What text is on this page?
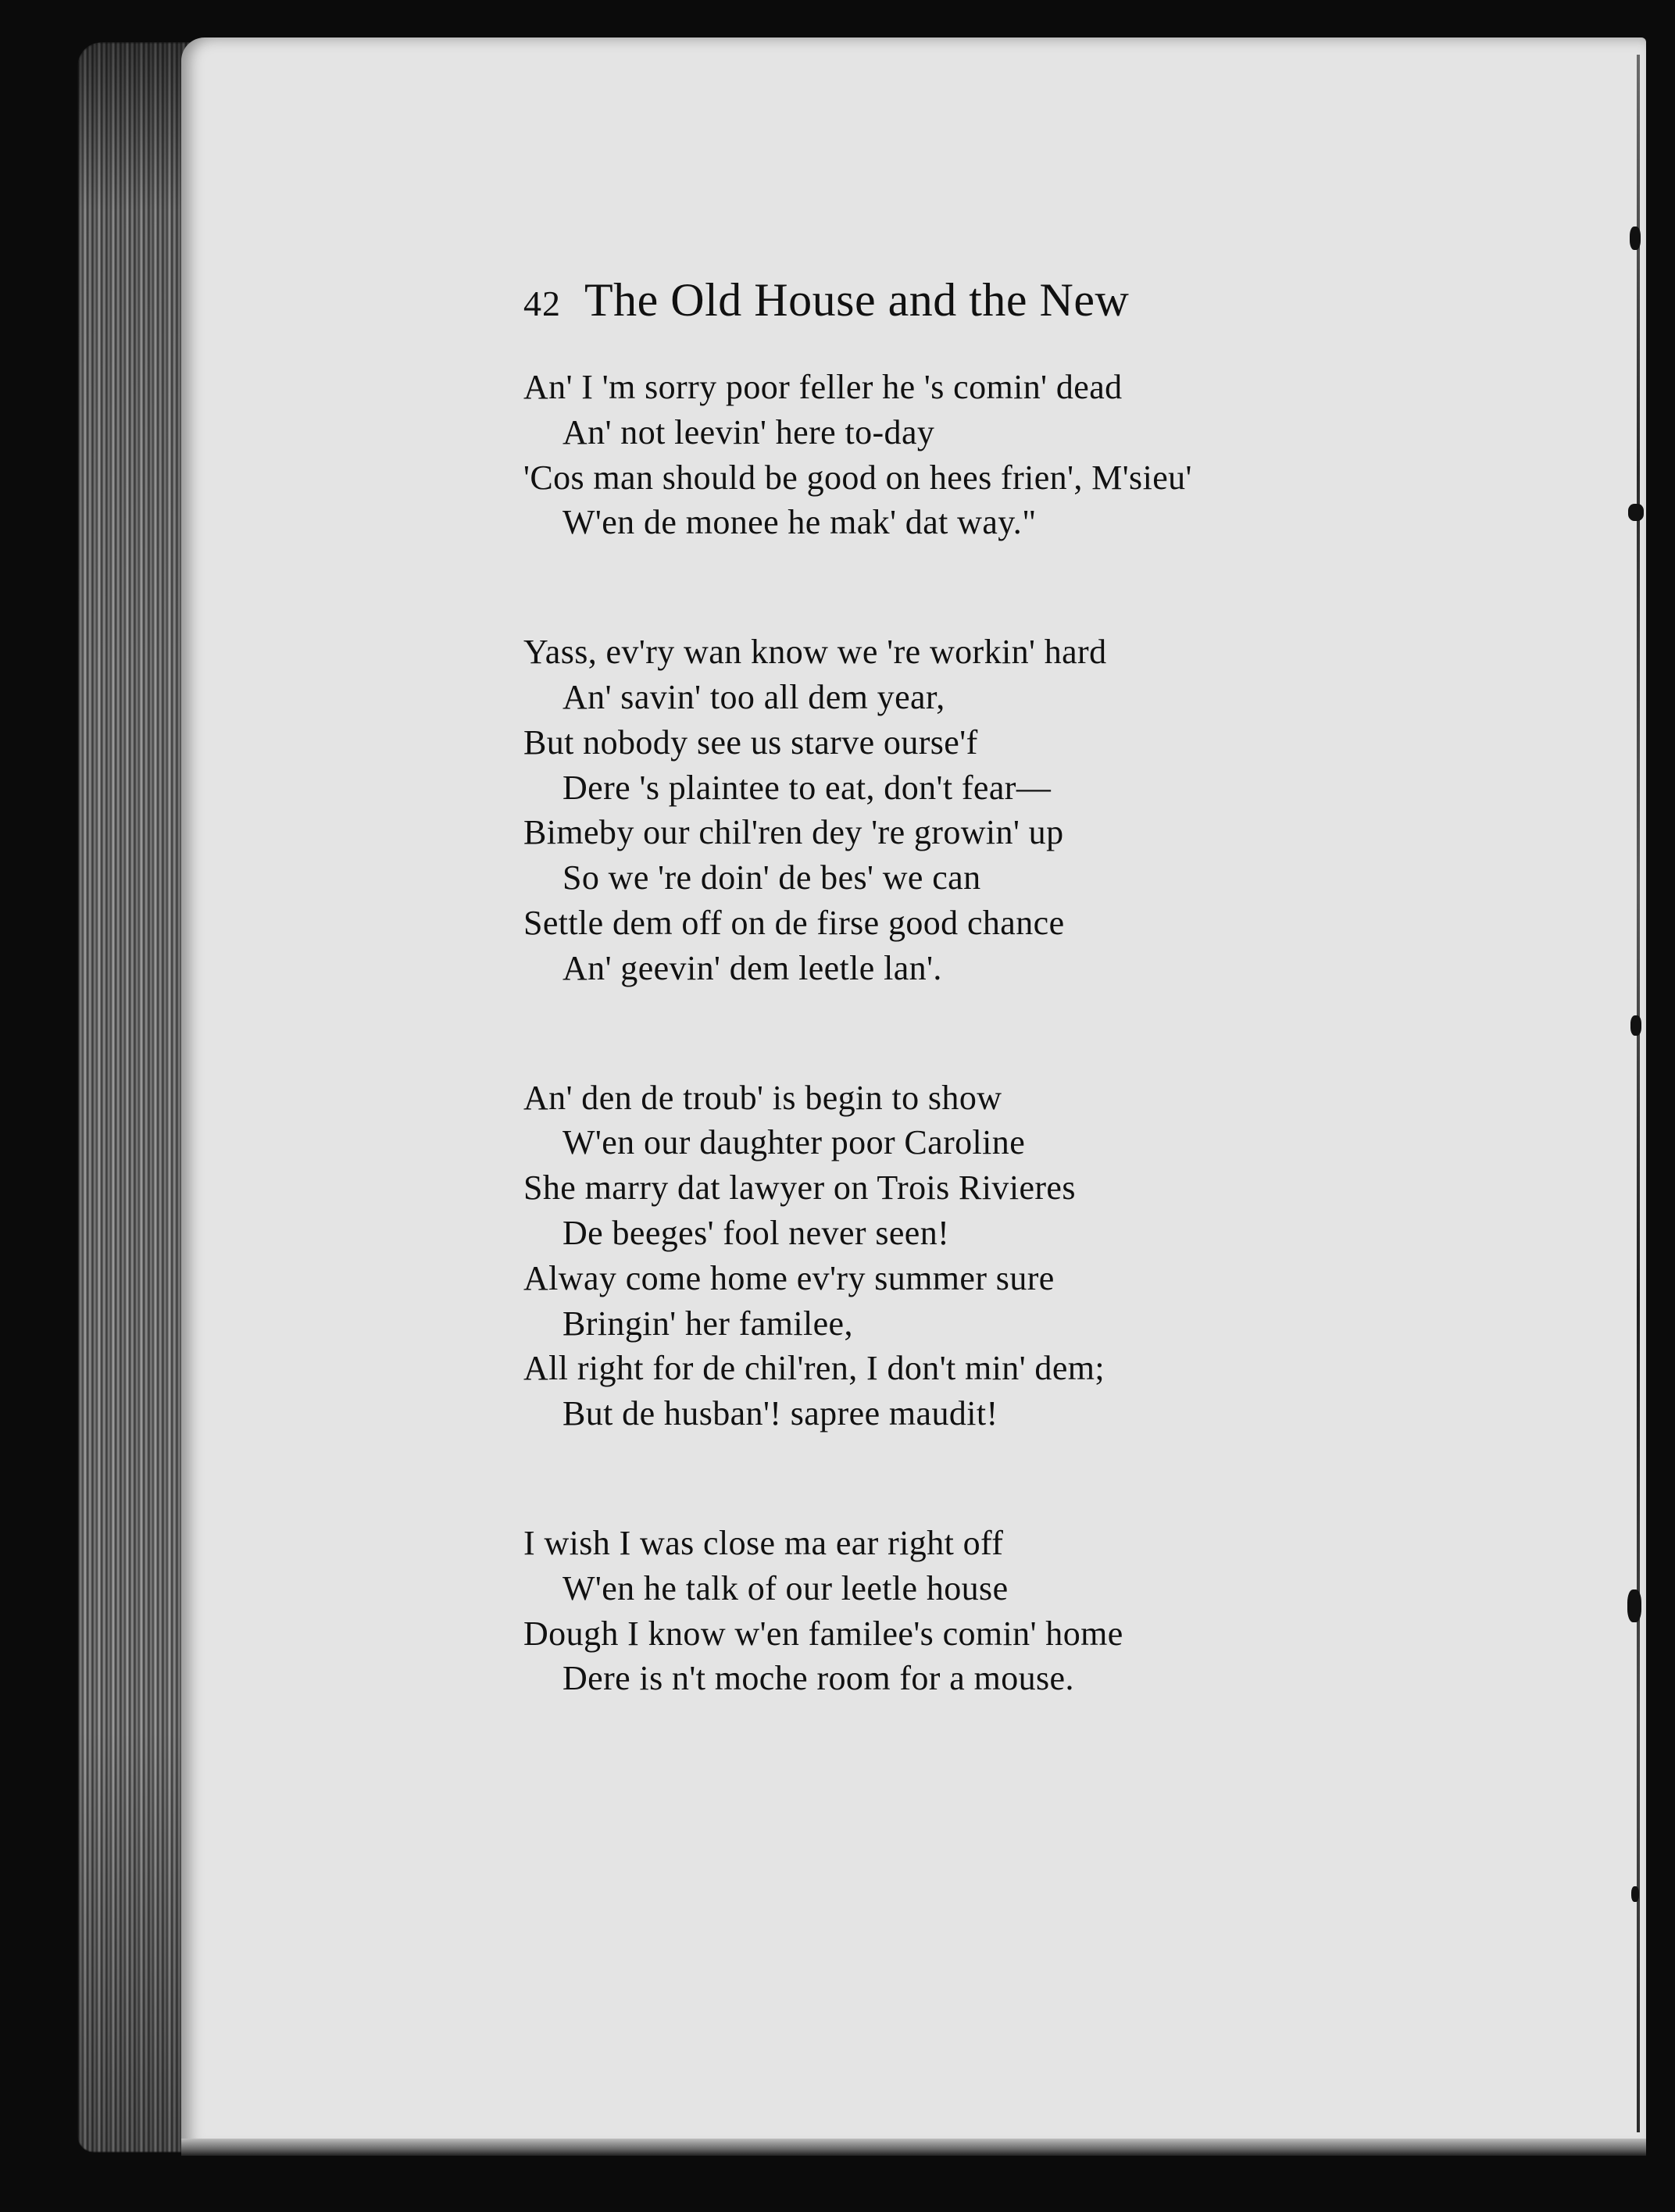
42 The Old House and the New
An' I 'm sorry poor feller he 's comin' dead
An' not leevin' here to-day
'Cos man should be good on hees frien', M'sieu'
W'en de monee he mak' dat way."
Yass, ev'ry wan know we 're workin' hard
An' savin' too all dem year,
But nobody see us starve ourse'f
Dere 's plaintee to eat, don't fear—
Bimeby our chil'ren dey 're growin' up
So we 're doin' de bes' we can
Settle dem off on de firse good chance
An' geevin' dem leetle lan'.
An' den de troub' is begin to show
W'en our daughter poor Caroline
She marry dat lawyer on Trois Rivieres
De beeges' fool never seen!
Alway come home ev'ry summer sure
Bringin' her familee,
All right for de chil'ren, I don't min' dem;
But de husban'! sapree maudit!
I wish I was close ma ear right off
W'en he talk of our leetle house
Dough I know w'en familee's comin' home
Dere is n't moche room for a mouse.
